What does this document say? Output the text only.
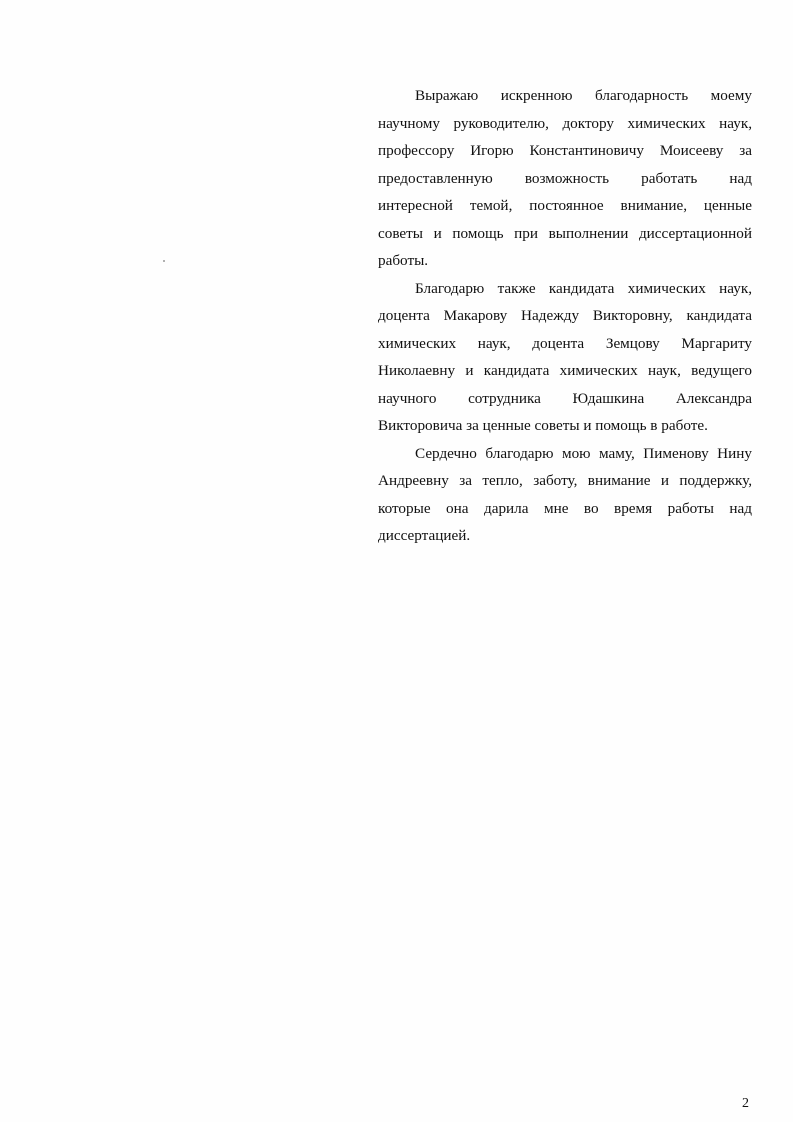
Выражаю искренною благодарность моему
научному руководителю, доктору химических наук,
профессору Игорю Константиновичу Моисееву за
предоставленную возможность работать над
интересной темой, постоянное внимание, ценные
советы и помощь при выполнении диссертационной
работы.
Благодарю также кандидата химических наук,
доцента Макарову Надежду Викторовну, кандидата
химических наук, доцента Земцову Маргариту
Николаевну и кандидата химических наук, ведущего
научного сотрудника Юдашкина Александра
Викторовича за ценные советы и помощь в работе.
Сердечно благодарю мою маму, Пименову Нину
Андреевну за тепло, заботу, внимание и поддержку,
которые она дарила мне во время работы над
диссертацией.
2
